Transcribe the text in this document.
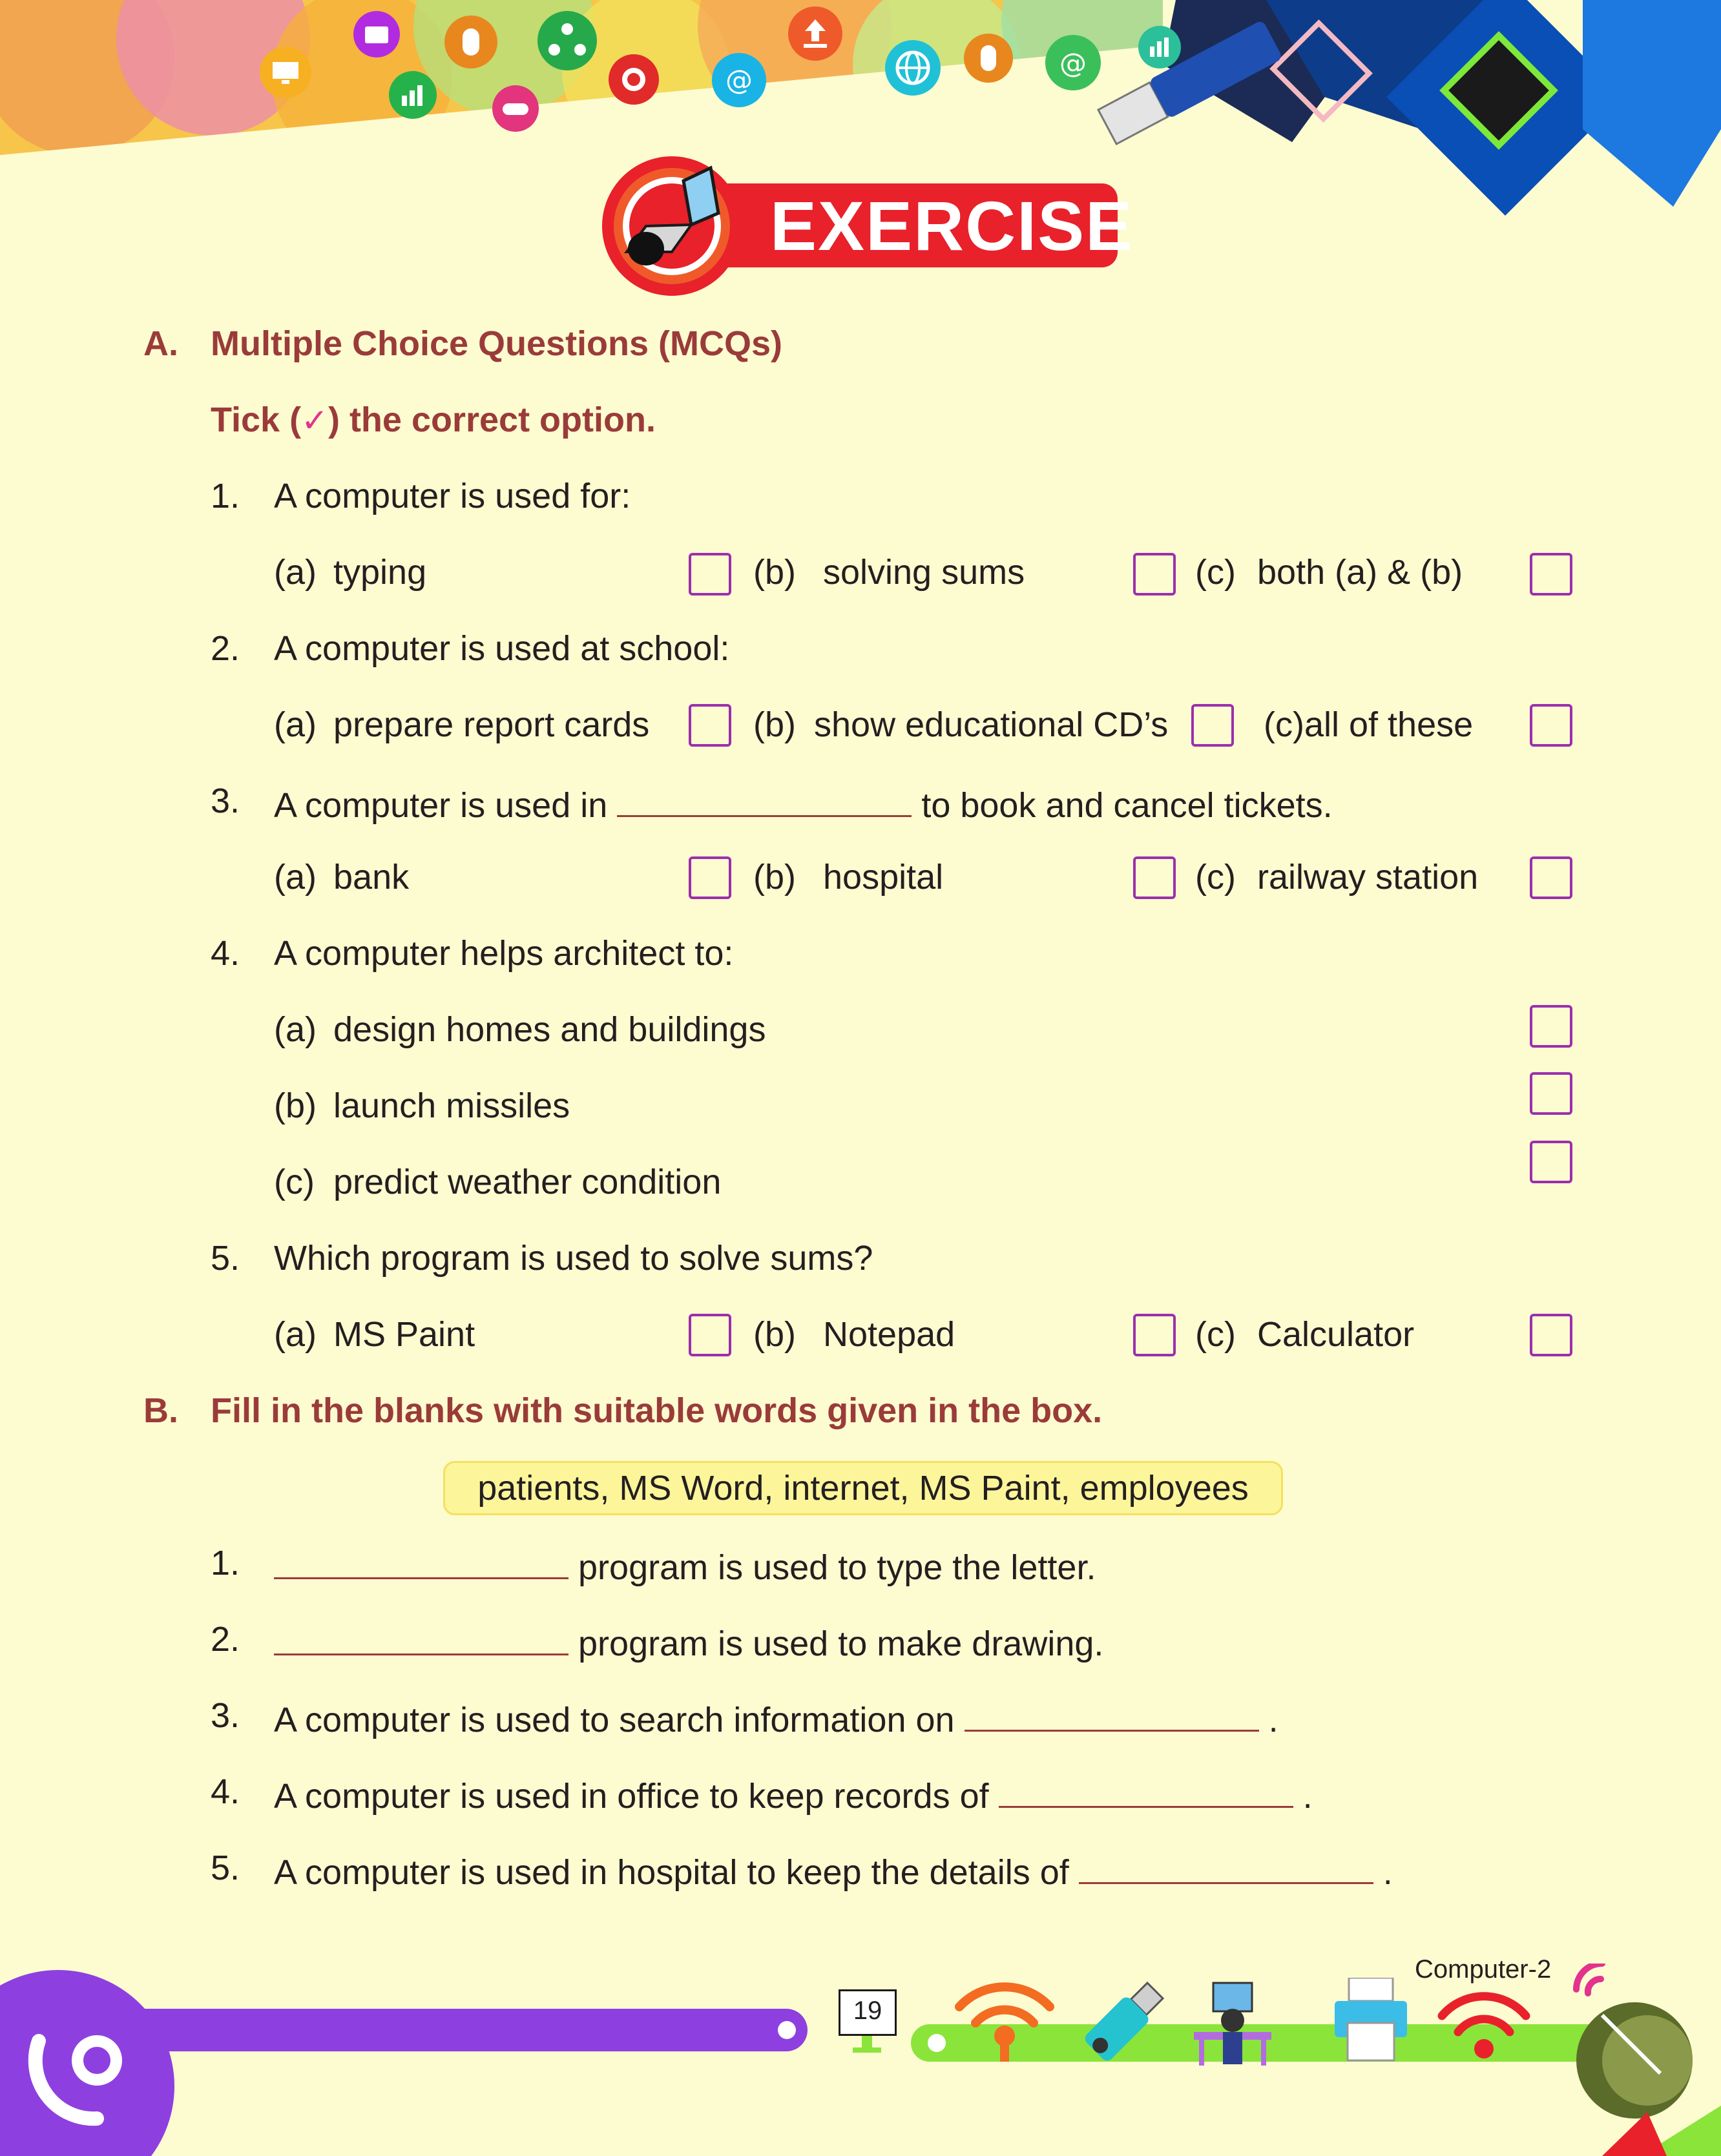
@
@
EXERCISE
A. Multiple Choice Questions (MCQs)
Tick (✓) the correct option.
1. A computer is used for:
(a) typing	(b) solving sums	(c) both (a) & (b)
2. A computer is used at school:
(a) prepare report cards	(b) show educational CD’s	(c)all of these
3. A computer is used in	to book and cancel tickets.
(a) bank	(b) hospital	(c) railway station
4. A computer helps architect to:
(a) design homes and buildings
(b) launch missiles
(c) predict weather condition
5. Which program is used to solve sums?
(a) MS Paint	(b) Notepad	(c) Calculator
B. Fill in the blanks with suitable words given in the box.
patients, MS Word, internet, MS Paint, employees
1.	program is used to type the letter.
2.	program is used to make drawing.
3. A computer is used to search information on	.
4. A computer is used in office to keep records of	.
5. A computer is used in hospital to keep the details of	.
19
Computer-2
